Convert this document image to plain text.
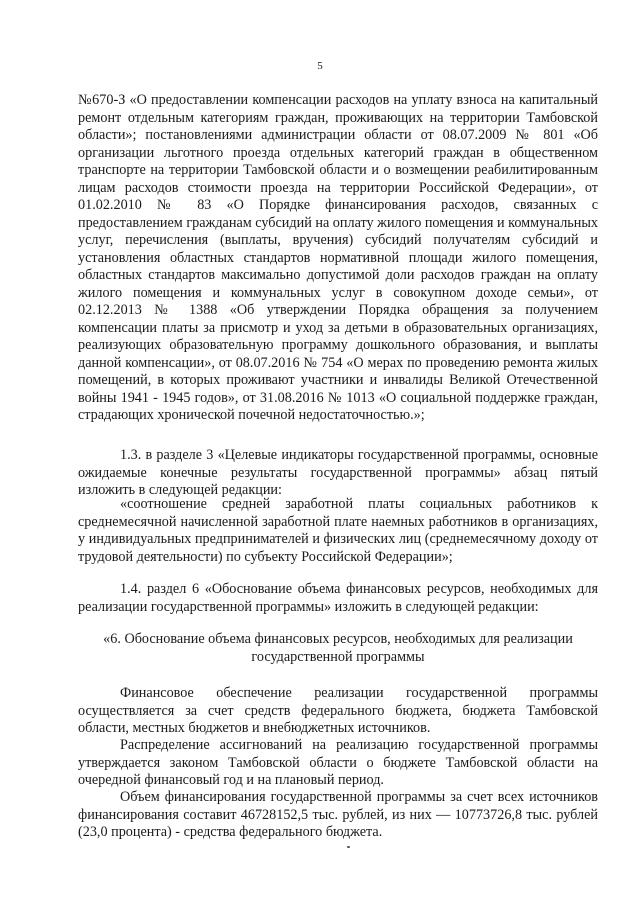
5
№670-З «О предоставлении компенсации расходов на уплату взноса на капитальный ремонт отдельным категориям граждан, проживающих на территории Тамбовской области»; постановлениями администрации области от 08.07.2009 № 801 «Об организации льготного проезда отдельных категорий граждан в общественном транспорте на территории Тамбовской области и о возмещении реабилитированным лицам расходов стоимости проезда на территории Российской Федерации», от 01.02.2010 № 83 «О Порядке финансирования расходов, связанных с предоставлением гражданам субсидий на оплату жилого помещения и коммунальных услуг, перечисления (выплаты, вручения) субсидий получателям субсидий и установления областных стандартов нормативной площади жилого помещения, областных стандартов максимально допустимой доли расходов граждан на оплату жилого помещения и коммунальных услуг в совокупном доходе семьи», от 02.12.2013 № 1388 «Об утверждении Порядка обращения за получением компенсации платы за присмотр и уход за детьми в образовательных организациях, реализующих образовательную программу дошкольного образования, и выплаты данной компенсации», от 08.07.2016 № 754 «О мерах по проведению ремонта жилых помещений, в которых проживают участники и инвалиды Великой Отечественной войны 1941 - 1945 годов», от 31.08.2016 № 1013 «О социальной поддержке граждан, страдающих хронической почечной недостаточностью.»;
1.3. в разделе 3 «Целевые индикаторы государственной программы, основные ожидаемые конечные результаты государственной программы» абзац пятый изложить в следующей редакции:
«соотношение средней заработной платы социальных работников к среднемесячной начисленной заработной плате наемных работников в организациях, у индивидуальных предпринимателей и физических лиц (среднемесячному доходу от трудовой деятельности) по субъекту Российской Федерации»;
1.4. раздел 6 «Обоснование объема финансовых ресурсов, необходимых для реализации государственной программы» изложить в следующей редакции:
«6. Обоснование объема финансовых ресурсов, необходимых для реализации государственной программы
Финансовое обеспечение реализации государственной программы осуществляется за счет средств федерального бюджета, бюджета Тамбовской области, местных бюджетов и внебюджетных источников.
Распределение ассигнований на реализацию государственной программы утверждается законом Тамбовской области о бюджете Тамбовской области на очередной финансовый год и на плановый период.
Объем финансирования государственной программы за счет всех источников финансирования составит 46728152,5 тыс. рублей, из них — 10773726,8 тыс. рублей (23,0 процента) - средства федерального бюджета.
